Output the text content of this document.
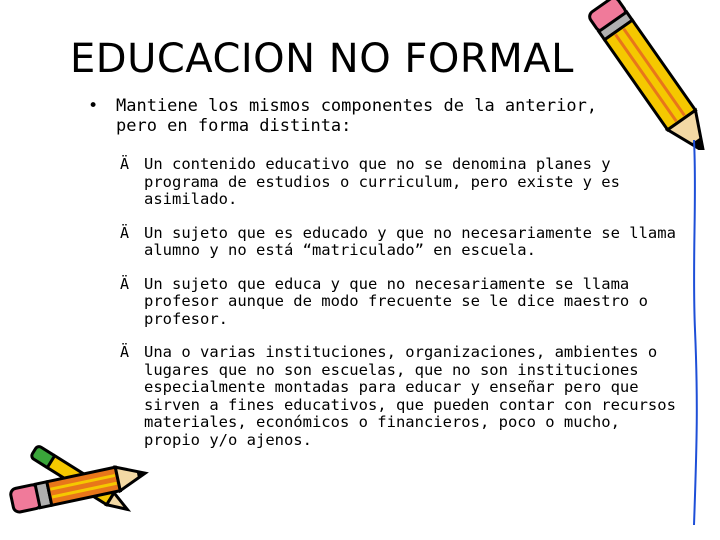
EDUCACION NO FORMAL
• Mantiene los mismos componentes de la anterior, pero en forma distinta:
Ä Un contenido educativo que no se denomina planes y programa de estudios o curriculum, pero existe y es asimilado.
Ä Un sujeto que es educado y que no necesariamente se llama alumno y no está “matriculado” en escuela.
Ä Un sujeto que educa y que no necesariamente se llama profesor aunque de modo frecuente se le dice maestro o profesor.
Ä Una o varias instituciones, organizaciones, ambientes o lugares que no son escuelas, que no son instituciones especialmente montadas para educar y enseñar pero que sirven a fines educativos, que pueden contar con recursos materiales, económicos o financieros, poco o mucho, propio y/o ajenos.
